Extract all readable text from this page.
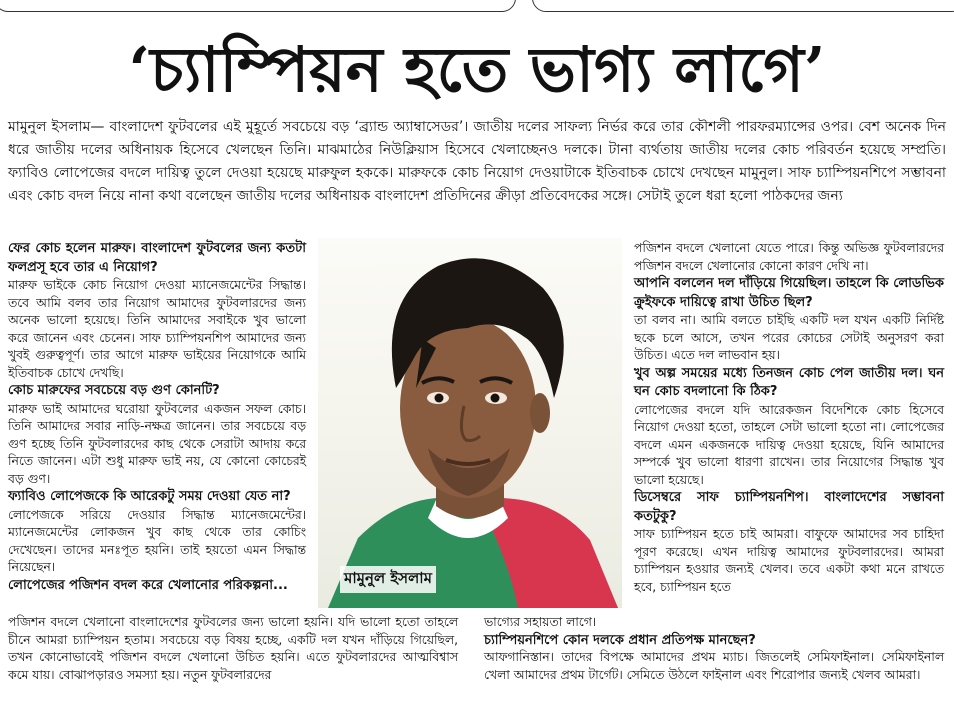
‘চ্যাম্পিয়ন হতে ভাগ্য লাগে’

মামুনুল ইসলাম— বাংলাদেশ ফুটবলের এই মুহূর্তে সবচেয়ে বড় ‘ব্র্যান্ড অ্যাম্বাসেডর’। জাতীয় দলের সাফল্য নির্ভর করে তার কৌশলী পারফরম্যান্সের ওপর। বেশ অনেক দিন ধরে জাতীয় দলের অধিনায়ক হিসেবে খেলছেন তিনি। মাঝমাঠের নিউক্লিয়াস হিসেবে খেলাচ্ছেনও দলকে। টানা ব্যর্থতায় জাতীয় দলের কোচ পরিবর্তন হয়েছে সম্প্রতি। ফ্যাবিও লোপেজের বদলে দায়িত্ব তুলে দেওয়া হয়েছে মারুফুল হককে। মারুফকে কোচ নিয়োগ দেওয়াটাকে ইতিবাচক চোখে দেখছেন মামুনুল। সাফ চ্যাম্পিয়নশিপে সম্ভাবনা এবং কোচ বদল নিয়ে নানা কথা বলেছেন জাতীয় দলের অধিনায়ক বাংলাদেশ প্রতিদিনের ক্রীড়া প্রতিবেদকের সঙ্গে। সেটাই তুলে ধরা হলো পাঠকদের জন্য

ফের কোচ হলেন মারুফ। বাংলাদেশ ফুটবলের জন্য কতটা ফলপ্রসূ হবে তার এ নিয়োগ?

মারুফ ভাইকে কোচ নিয়োগ দেওয়া ম্যানেজমেন্টের সিদ্ধান্ত। তবে আমি বলব তার নিয়োগ আমাদের ফুটবলারদের জন্য অনেক ভালো হয়েছে। তিনি আমাদের সবাইকে খুব ভালো করে জানেন এবং চেনেন। সাফ চ্যাম্পিয়নশিপ আমাদের জন্য খুবই গুরুত্বপূর্ণ। তার আগে মারুফ ভাইয়ের নিয়োগকে আমি ইতিবাচক চোখে দেখছি।

কোচ মারুফের সবচেয়ে বড় গুণ কোনটি?

মারুফ ভাই আমাদের ঘরোয়া ফুটবলের একজন সফল কোচ। তিনি আমাদের সবার নাড়ি-নক্ষত্র জানেন। তার সবচেয়ে বড় গুণ হচ্ছে তিনি ফুটবলারদের কাছ থেকে সেরাটা আদায় করে নিতে জানেন। এটা শুধু মারুফ ভাই নয়, যে কোনো কোচেরই বড় গুণ।

ফ্যাবিও লোপেজকে কি আরেকটু সময় দেওয়া যেত না?

লোপেজকে সরিয়ে দেওয়ার সিদ্ধান্ত ম্যানেজমেন্টের। ম্যানেজমেন্টের লোকজন খুব কাছ থেকে তার কোচিং দেখেছেন। তাদের মনঃপূত হয়নি। তাই হয়তো এমন সিদ্ধান্ত নিয়েছেন।

লোপেজের পজিশন বদল করে খেলানোর পরিকল্পনা...	মামুনুল ইসলাম

পজিশন বদলে খেলানো যেতে পারে। কিন্তু অভিজ্ঞ ফুটবলারদের পজিশন বদলে খেলানোর কোনো কারণ দেখি না।

আপনি বললেন দল দাঁড়িয়ে গিয়েছিল। তাহলে কি লোডভিক ক্রুইফকে দায়িত্বে রাখা উচিত ছিল?

তা বলব না। আমি বলতে চাইছি একটি দল যখন একটি নির্দিষ্ট ছকে চলে আসে, তখন পরের কোচের সেটাই অনুসরণ করা উচিত। এতে দল লাভবান হয়।

খুব অল্প সময়ের মধ্যে তিনজন কোচ পেল জাতীয় দল। ঘন ঘন কোচ বদলানো কি ঠিক?

লোপেজের বদলে যদি আরেকজন বিদেশিকে কোচ হিসেবে নিয়োগ দেওয়া হতো, তাহলে সেটা ভালো হতো না। লোপেজের বদলে এমন একজনকে দায়িত্ব দেওয়া হয়েছে, যিনি আমাদের সম্পর্কে খুব ভালো ধারণা রাখেন। তার নিয়োগের সিদ্ধান্ত খুব ভালো হয়েছে।

ডিসেম্বরে সাফ চ্যাম্পিয়নশিপ। বাংলাদেশের সম্ভাবনা কতটুকু?

সাফ চ্যাম্পিয়ন হতে চাই আমরা। বাফুফে আমাদের সব চাহিদা পূরণ করেছে। এখন দায়িত্ব আমাদের ফুটবলারদের। আমরা চ্যাম্পিয়ন হওয়ার জন্যই খেলব। তবে একটা কথা মনে রাখতে হবে, চ্যাম্পিয়ন হতে

পজিশন বদলে খেলানো বাংলাদেশের ফুটবলের জন্য ভালো হয়নি। যদি ভালো হতো তাহলে চীনে আমরা চ্যাম্পিয়ন হতাম। সবচেয়ে বড় বিষয় হচ্ছে, একটি দল যখন দাঁড়িয়ে গিয়েছিল, তখন কোনোভাবেই পজিশন বদলে খেলানো উচিত হয়নি। এতে ফুটবলারদের আত্মবিশ্বাস কমে যায়। বোঝাপড়ারও সমস্যা হয়। নতুন ফুটবলারদের

ভাগ্যের সহায়তা লাগে।

চ্যাম্পিয়নশিপে কোন দলকে প্রধান প্রতিপক্ষ মানছেন?

আফগানিস্তান। তাদের বিপক্ষে আমাদের প্রথম ম্যাচ। জিতলেই সেমিফাইনাল। সেমিফাইনাল খেলা আমাদের প্রথম টার্গেট। সেমিতে উঠলে ফাইনাল এবং শিরোপার জন্যই খেলব আমরা।
